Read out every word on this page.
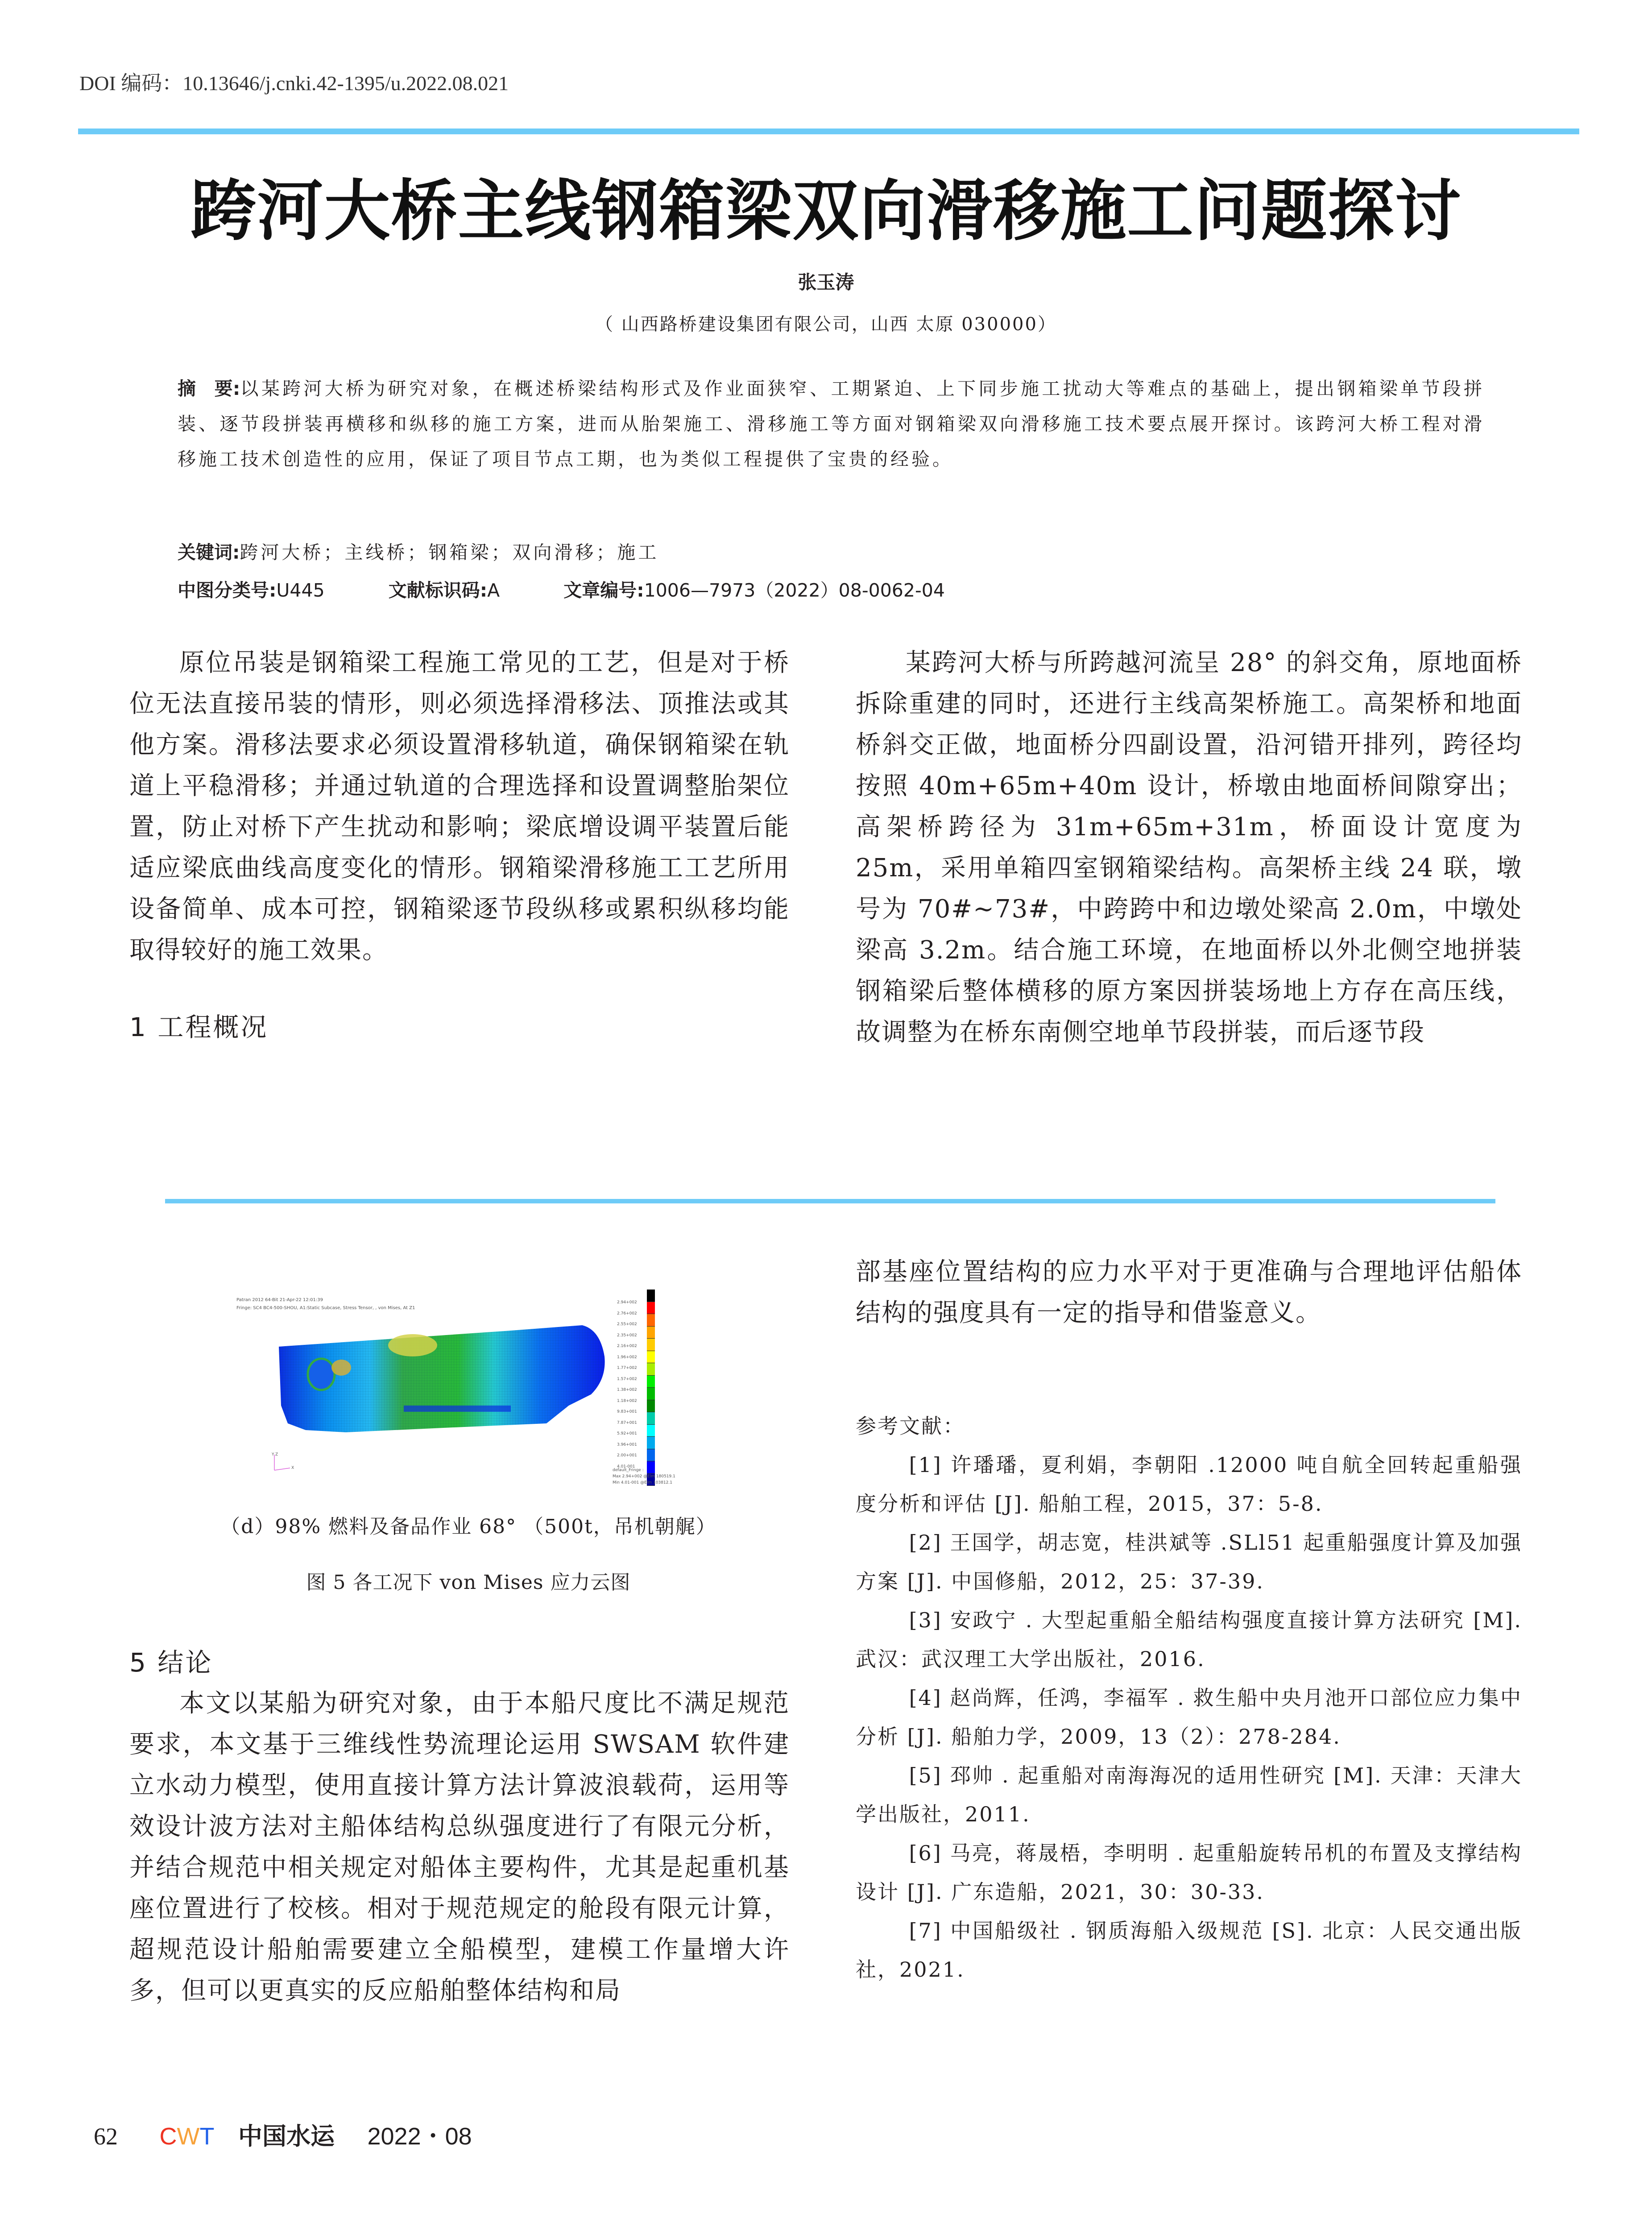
DOI 编码：10.13646/j.cnki.42-1395/u.2022.08.021
跨河大桥主线钢箱梁双向滑移施工问题探讨
张玉涛
（ 山西路桥建设集团有限公司，山西 太原 030000）
摘　要:以某跨河大桥为研究对象，在概述桥梁结构形式及作业面狭窄、工期紧迫、上下同步施工扰动大等难点的基础上，提出钢箱梁单节段拼装、逐节段拼装再横移和纵移的施工方案，进而从胎架施工、滑移施工等方面对钢箱梁双向滑移施工技术要点展开探讨。该跨河大桥工程对滑移施工技术创造性的应用，保证了项目节点工期，也为类似工程提供了宝贵的经验。
关键词:跨河大桥；主线桥；钢箱梁；双向滑移；施工
中图分类号:U445	文献标识码:A	文章编号:1006—7973（2022）08-0062-04

原位吊装是钢箱梁工程施工常见的工艺，但是对于桥位无法直接吊装的情形，则必须选择滑移法、顶推法或其他方案。滑移法要求必须设置滑移轨道，确保钢箱梁在轨道上平稳滑移；并通过轨道的合理选择和设置调整胎架位置，防止对桥下产生扰动和影响；梁底增设调平装置后能适应梁底曲线高度变化的情形。钢箱梁滑移施工工艺所用设备简单、成本可控，钢箱梁逐节段纵移或累积纵移均能取得较好的施工效果。

1 工程概况

某跨河大桥与所跨越河流呈 28° 的斜交角，原地面桥拆除重建的同时，还进行主线高架桥施工。高架桥和地面桥斜交正做，地面桥分四副设置，沿河错开排列，跨径均按照 40m+65m+40m 设计，桥墩由地面桥间隙穿出；高架桥跨径为 31m+65m+31m，桥面设计宽度为 25m，采用单箱四室钢箱梁结构。高架桥主线 24 联，墩号为 70#~73#，中跨跨中和边墩处梁高 2.0m，中墩处梁高 3.2m。结合施工环境，在地面桥以外北侧空地拼装钢箱梁后整体横移的原方案因拼装场地上方存在高压线，故调整为在桥东南侧空地单节段拼装，而后逐节段

Patran 2012 64-Bit 21-Apr-22 12:01:39
Fringe: SC4 BC4-500-SHOU, A1:Static Subcase, Stress Tensor, , von Mises, At Z1
Y Z
X
2.94+002
2.76+002
2.55+002
2.35+002
2.16+002
1.96+002
1.77+002
1.57+002
1.38+002
1.18+002
9.83+001
7.87+001
5.92+001
3.96+001
2.00+001
4.01-001
default_Fringe :
Max 2.94+002 @Elm 180519.1
Min 4.01-001 @Elm 103812.1
（d）98% 燃料及备品作业 68° （500t，吊机朝艉）
图 5 各工况下 von Mises 应力云图
5 结论

本文以某船为研究对象，由于本船尺度比不满足规范要求，本文基于三维线性势流理论运用 SWSAM 软件建立水动力模型，使用直接计算方法计算波浪载荷，运用等效设计波方法对主船体结构总纵强度进行了有限元分析，并结合规范中相关规定对船体主要构件，尤其是起重机基座位置进行了校核。相对于规范规定的舱段有限元计算，超规范设计船舶需要建立全船模型，建模工作量增大许多，但可以更真实的反应船舶整体结构和局

部基座位置结构的应力水平对于更准确与合理地评估船体结构的强度具有一定的指导和借鉴意义。

参考文献：

[1] 许璠璠，夏利娟，李朝阳 .12000 吨自航全回转起重船强度分析和评估 [J]. 船舶工程，2015，37：5-8.

[2] 王国学，胡志宽，桂洪斌等 .SLl51 起重船强度计算及加强方案 [J]. 中国修船，2012，25：37-39.

[3] 安政宁 . 大型起重船全船结构强度直接计算方法研究 [M]. 武汉：武汉理工大学出版社，2016.

[4] 赵尚辉，任鸿，李福军 . 救生船中央月池开口部位应力集中分析 [J]. 船舶力学，2009，13（2）：278-284.

[5] 邳帅 . 起重船对南海海况的适用性研究 [M]. 天津：天津大学出版社，2011.

[6] 马亮，蒋晟梧，李明明 . 起重船旋转吊机的布置及支撑结构设计 [J]. 广东造船，2021，30：30-33.

[7] 中国船级社 . 钢质海船入级规范 [S]. 北京：人民交通出版社，2021.

62 CWT 中国水运 2022・08
